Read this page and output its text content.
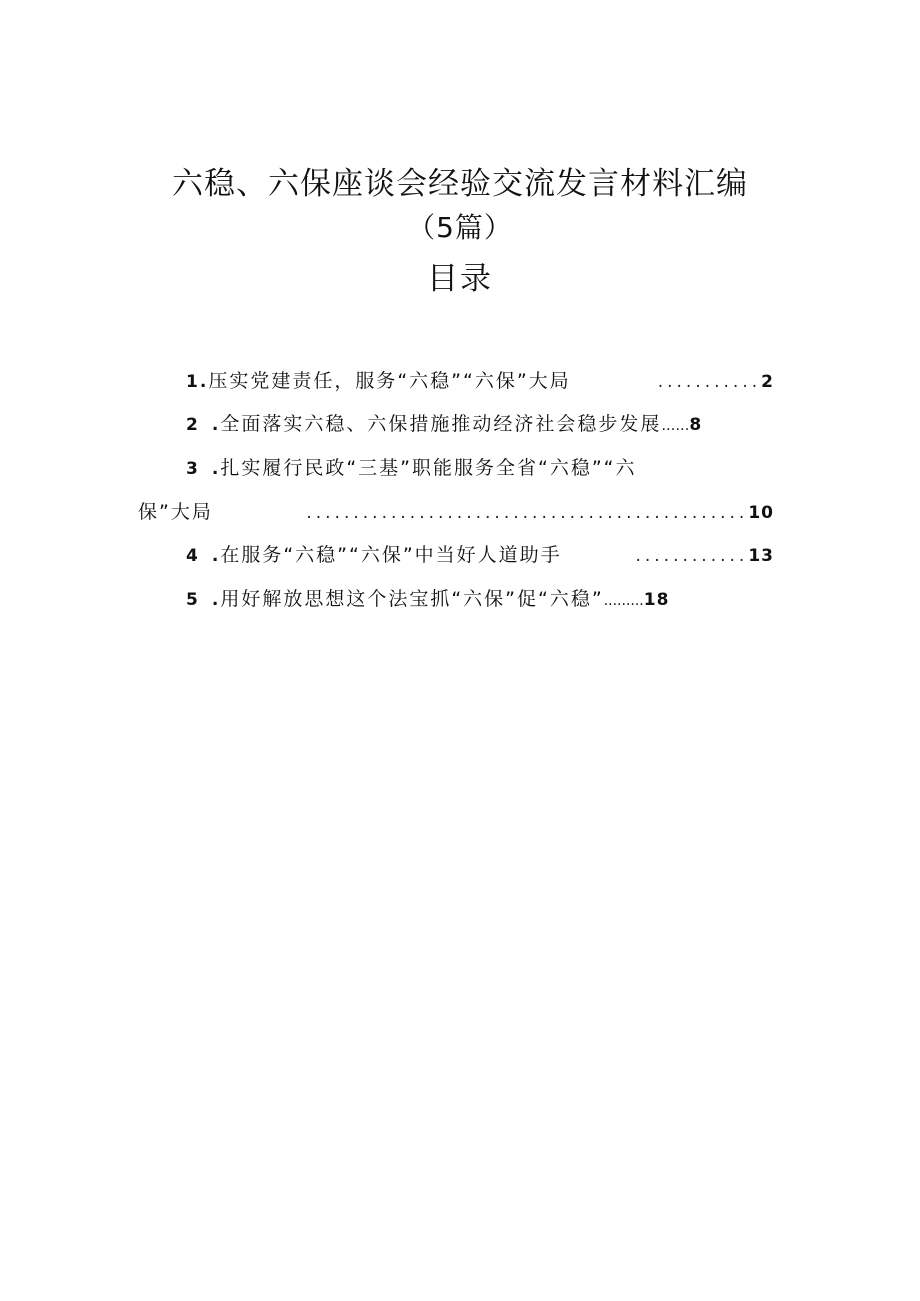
六稳、六保座谈会经验交流发言材料汇编
（5篇）
目录
1 . 压实党建责任，服务“六稳”“六保”大局	........... 2
2 . 全面落实六稳、六保措施推动经济社会稳步发展 …… 8
3 . 扎实履行民政“三基”职能服务全省“六稳”“六
保”大局	............................................... 10
4 . 在服务“六稳”“六保”中当好人道助手	............ 13
5 . 用好解放思想这个法宝抓“六保”促“六稳” ......... 18
